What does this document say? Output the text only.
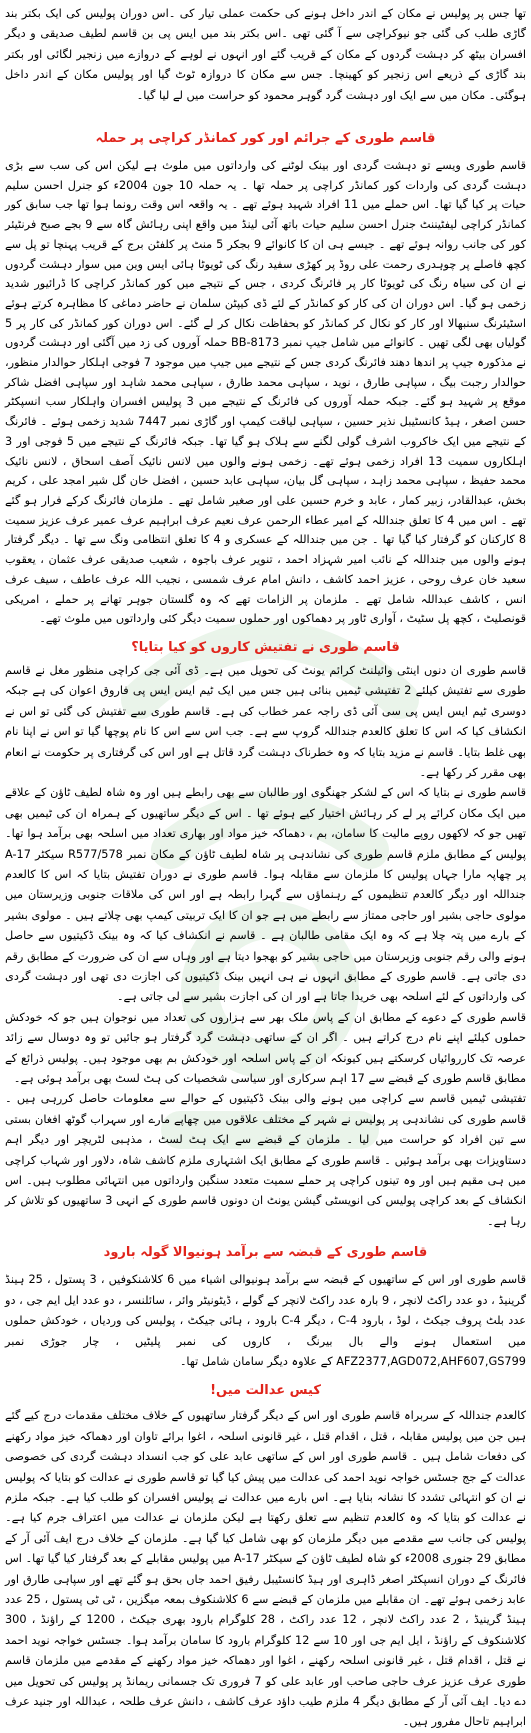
تھا جس پر پولیس نے مکان کے اندر داخل ہونے کی حکمت عملی تیار کی ۔اس دوران پولیس کی ایک بکتر بند گاڑی طلب کی گئی جو نیوکراچی سے آ گئی تھی ۔اس بکتر بند میں ایس پی بن قاسم لطیف صدیقی و دیگر افسران بیٹھ کر دہشت گردوں کے مکان کے قریب گئے اور انہوں نے لوہے کے دروازے میں زنجیر لگائی اور بکتر بند گاڑی کے ذریعے اس زنجیر کو کھینچا۔ جس سے مکان کا دروازہ ٹوٹ گیا اور پولیس مکان کے اندر داخل ہوگئی۔ مکان میں سے ایک اور دہشت گرد گوہر محمود کو حراست میں لے لیا گیا۔

قاسم طوری کے جرائم اور کور کمانڈر کراچی پر حملہ

قاسم طوری ویسے تو دہشت گردی اور بینک لوٹنے کی وارداتوں میں ملوث ہے لیکن اس کی سب سے بڑی دہشت گردی کی واردات کور کمانڈر کراچی پر حملہ تھا ۔ یہ حملہ 10 جون 2004ء کو جنرل احسن سلیم حیات پر کیا گیا تھا۔ اس حملے میں 11 افراد شہید ہوئے تھے ۔ یہ واقعہ اس وقت رونما ہوا تھا جب سابق کور کمانڈر کراچی لیفٹیننٹ جنرل احسن سلیم حیات باتھ آئی لینڈ میں واقع اپنی رہائش گاہ سے 9 بجے صبح فرنٹیئر کور کی جانب روانہ ہوئے تھے ۔ جیسے ہی ان کا کانوائے 9 بجکر 5 منٹ پر کلفٹن برج کے قریب پہنچا تو پل سے کچھ فاصلے پر چوہدری رحمت علی روڈ پر کھڑی سفید رنگ کی ٹویوٹا ہائی ایس وین میں سوار دہشت گردوں نے ان کی سیاہ رنگ کی ٹویوٹا کار پر فائرنگ کردی ، جس کے نتیجے میں کور کمانڈر کراچی کا ڈرائیور شدید زخمی ہو گیا۔ اس دوران ان کی کار کو کمانڈر کے لئے ڈی کیپٹن سلمان نے حاضر دماغی کا مظاہرہ کرتے ہوئے اسٹیئرنگ سنبھالا اور کار کو نکال کر کمانڈر کو بحفاظت نکال کر لے گئے۔ اس دوران کور کمانڈر کی کار پر 5 گولیاں بھی لگی تھیں ۔ کانوائے میں شامل جیپ نمبر BB-8173 حملہ آوروں کی زد میں آگئی اور دہشت گردوں نے مذکورہ جیپ پر اندھا دھند فائرنگ کردی جس کے نتیجے میں جیپ میں موجود 7 فوجی اہلکار حوالدار منظور، حوالدار رجبت بیگ ، سپاہی طارق ، نوید ، سپاہی محمد طارق ، سپاہی محمد شاہد اور سپاہی افضل شاکر موقع پر شہید ہو گئے۔ جبکہ حملہ آوروں کی فائرنگ کے نتیجے میں 3 پولیس افسران واہلکار سب انسپکٹر حسن اصغر ، ہیڈ کانسٹیبل نذیر حسین ، سپاہی لیاقت کیمپ اور گاڑی نمبر 7447 شدید زخمی ہوئے ۔ فائرنگ کے نتیجے میں ایک خاکروب اشرف گولی لگنے سے ہلاک ہو گیا تھا۔ جبکہ فائرنگ کے نتیجے میں 5 فوجی اور 3 اہلکاروں سمیت 13 افراد زخمی ہوئے تھے۔ زخمی ہونے والوں میں لانس نائیک آصف اسحاق ، لانس نائیک محمد حفیظ ، سپاہی محمد زاہد ، سپاہی گل بیان، سپاہی عابد حسین ، افضل خان گل شیر امجد علی ، کریم بخش، عبدالقادر، زبیر کمار ، عابد و خرم حسین علی اور صغیر شامل تھے ۔ ملزمان فائرنگ کرکے فرار ہو گئے تھے ۔ اس میں 4 کا تعلق جنداللہ کے امیر عطاء الرحمن عرف نعیم عرف ابراہیم عرف عمیر عرف عزیز سمیت 8 کارکنان کو گرفتار کیا گیا تھا ۔ جن میں جنداللہ کے عسکری و 4 کا تعلق انتظامی ونگ سے تھا ۔ دیگر گرفتار ہونے والوں میں جنداللہ کے نائب امیر شہزاد احمد ، تنویر عرف باجوہ ، شعیب صدیقی عرف عثمان ، یعقوب سعید خان عرف روحی ، عزیز احمد کاشف ، دانش امام عرف شمسی ، نجیب اللہ عرف عاطف ، سیف عرف انس ، کاشف عبداللہ شامل تھے ۔ ملزمان پر الزامات تھے کہ وہ گلستان جوہر تھانے پر حملے ، امریکی قونصلیٹ ، کچھ پل سٹیٹ ، آواری ٹاور پر دھماکوں اور حملوں سمیت دیگر کئی وارداتوں میں ملوث تھے۔

قاسم طوری نے تفتیش کاروں کو کیا بتایا؟

قاسم طوری ان دنوں اینٹی وائیلنٹ کرائم یونٹ کی تحویل میں ہے۔ ڈی آئی جی کراچی منظور مغل نے قاسم طوری سے تفتیش کیلئے 2 تفتیشی ٹیمیں بنائی ہیں جس میں ایک ٹیم ایس ایس پی فاروق اعوان کی ہے جبکہ دوسری ٹیم ایس ایس پی سی آئی ڈی راجہ عمر خطاب کی ہے۔ قاسم طوری سے تفتیش کی گئی تو اس نے انکشاف کیا کہ اس کا تعلق کالعدم جنداللہ گروپ سے ہے۔ جب اس سے اس کا نام پوچھا گیا تو اس نے اپنا نام بھی غلط بتایا۔ قاسم نے مزید بتایا کہ وہ خطرناک دہشت گرد قاتل ہے اور اس کی گرفتاری پر حکومت نے انعام بھی مقرر کر رکھا ہے۔

قاسم طوری نے بتایا کہ اس کے لشکر جھنگوی اور طالبان سے بھی رابطے ہیں اور وہ شاہ لطیف ٹاؤن کے علاقے میں ایک مکان کرائے پر لے کر رہائش اختیار کیے ہوئے تھا ۔ اس کے دیگر ساتھیوں کے ہمراہ ان کی ٹیمیں بھی تھیں جو کہ لاکھوں روپے مالیت کا سامان، بم ، دھماکہ خیز مواد اور بھاری تعداد میں اسلحہ بھی برآمد ہوا تھا۔ پولیس کے مطابق ملزم قاسم طوری کی نشاندہی پر شاہ لطیف ٹاؤن کے مکان نمبر R577/578 سیکٹر A-17 پر چھاپہ مارا جہاں پولیس کا ملزمان سے مقابلہ ہوا۔ قاسم طوری نے دوران تفتیش بتایا کہ اس کا کالعدم جنداللہ اور دیگر کالعدم تنظیموں کے رہنماؤں سے گہرا رابطہ ہے اور اس کی ملاقات جنوبی وزیرستان میں مولوی حاجی بشیر اور حاجی ممتاز سے رابطے میں ہے جو ان کا ایک تربیتی کیمپ بھی چلاتے ہیں ۔ مولوی بشیر کے بارے میں پتہ چلا ہے کہ وہ ایک مقامی طالبان ہے ۔ قاسم نے انکشاف کیا کہ وہ بینک ڈکیتیوں سے حاصل ہونے والی رقم جنوبی وزیرستان میں حاجی بشیر کو بھجوا دیتا ہے اور وہاں سے ان کی ضرورت کے مطابق رقم دی جاتی ہے۔ قاسم طوری کے مطابق انہوں نے ہی انہیں بینک ڈکیتیوں کی اجازت دی تھی اور دہشت گردی کی وارداتوں کے لئے اسلحہ بھی خریدا جاتا ہے اور ان کی اجازت بشیر سے لی جاتی ہے۔

قاسم طوری کے دعوے کے مطابق ان کے پاس ملک بھر سے ہزاروں کی تعداد میں نوجوان ہیں جو کہ خودکش حملوں کیلئے اپنے نام درج کراتے ہیں ۔ اگر ان کے ساتھی دہشت گرد گرفتار ہو جائیں تو وہ دوسال سے زائد عرصہ تک کارروائیاں کرسکتے ہیں کیونکہ ان کے پاس اسلحہ اور خودکش بم بھی موجود ہیں۔ پولیس ذرائع کے مطابق قاسم طوری کے قبضے سے 17 اہم سرکاری اور سیاسی شخصیات کی ہٹ لسٹ بھی برآمد ہوئی ہے۔

تفتیشی ٹیمیں قاسم سے کراچی میں ہونے والی بینک ڈکیتیوں کے حوالے سے معلومات حاصل کررہی ہیں ۔ قاسم طوری کی نشاندہی پر پولیس نے شہر کے مختلف علاقوں میں چھاپے مارے اور سہراب گوٹھ افغان بستی سے تین افراد کو حراست میں لیا ۔ ملزمان کے قبضے سے ایک ہٹ لسٹ ، مذہبی لٹریچر اور دیگر اہم دستاویزات بھی برآمد ہوئیں ۔ قاسم طوری کے مطابق ایک اشتہاری ملزم کاشف شاہ، دلاور اور شہاب کراچی میں ہی مقیم ہیں اور وہ تینوں کراچی پر حملے سمیت متعدد سنگین وارداتوں میں انتہائی مطلوب ہیں۔ اس انکشاف کے بعد کراچی پولیس کی انویسٹی گیشن یونٹ ان دونوں قاسم طوری کے انہی 3 ساتھیوں کو تلاش کر رہا ہے۔

قاسم طوری کے قبضہ سے برآمد ہونیوالا گولہ بارود

قاسم طوری اور اس کے ساتھیوں کے قبضہ سے برآمد ہونیوالی اشیاء میں 6 کلاشنکوفیں ، 3 پستول ، 25 ہینڈ گرینیڈ ، دو عدد راکٹ لانچر ، 9 بارہ عدد راکٹ لانچر کے گولے ، ڈیٹونیٹر وائر ، سائلنسر ، دو عدد ایل ایم جی ، دو عدد بلٹ پروف جیکٹ ، لوڈ ، بارود C-4 ، دیگر 4-C بارود ، ہائی جیکٹ ، پولیس کی وردیاں ، خودکش حملوں میں استعمال ہونے والے بال بیرنگ ، کاروں کی نمبر پلیٹیں ، چار جوڑی نمبر AFZ2377,AGD072,AHF607,GS799 کے علاوہ دیگر سامان شامل تھا۔

کیس عدالت میں!

کالعدم جنداللہ کے سربراہ قاسم طوری اور اس کے دیگر گرفتار ساتھیوں کے خلاف مختلف مقدمات درج کیے گئے ہیں جن میں پولیس مقابلہ ، قتل ، اقدام قتل ، غیر قانونی اسلحہ ، اغوا برائے تاوان اور دھماکہ خیز مواد رکھنے کی دفعات شامل ہیں ۔ قاسم طوری اور اس کے ساتھی عابد علی کو جب انسداد دہشت گردی کی خصوصی عدالت کے جج جسٹس خواجہ نوید احمد کی عدالت میں پیش کیا گیا تو قاسم طوری نے عدالت کو بتایا کہ پولیس نے ان کو انتہائی تشدد کا نشانہ بنایا ہے۔ اس بارے میں عدالت نے پولیس افسران کو طلب کیا ہے۔ جبکہ ملزم نے عدالت کو بتایا کہ وہ کالعدم تنظیم سے تعلق رکھتا ہے لیکن ملزمان نے عدالت میں اعتراف جرم کیا ہے۔ پولیس کی جانب سے مقدمے میں دیگر ملزمان کو بھی شامل کیا گیا ہے۔ ملزمان کے خلاف درج ایف آئی آر کے مطابق 29 جنوری 2008ء کو شاہ لطیف ٹاؤن کے سیکٹر A-17 میں پولیس مقابلے کے بعد گرفتار کیا گیا تھا۔ اس فائرنگ کے دوران انسپکٹر اصغر ڈاہری اور ہیڈ کانسٹیبل رفیق احمد جاں بحق ہو گئے تھے اور سپاہی طارق اور عابد زخمی ہوئے تھے۔ ان مقابلے میں ملزمان کے قبضے سے 6 کلاشنکوف بمعہ میگزین ، ٹی ٹی پستول ، 25 عدد ہینڈ گرینیڈ ، 2 عدد راکٹ لانچر ، 12 عدد راکٹ ، 28 کلوگرام بارود بھری جیکٹ ، 1200 کے راؤنڈ ، 300 کلاشنکوف کے راؤنڈ ، ایل ایم جی اور 10 سے 12 کلوگرام بارود کا سامان برآمد ہوا۔ جسٹس خواجہ نوید احمد نے قتل ، اقدام قتل ، غیر قانونی اسلحہ رکھنے ، اغوا اور دھماکہ خیز مواد رکھنے کے مقدمے میں ملزمان قاسم طوری عرف عزیز عرف حاجی صاحب اور عابد علی کو 7 فروری تک جسمانی ریمانڈ پر پولیس کی تحویل میں دے دیا۔ ایف آئی آر کے مطابق دیگر 4 ملزم طیب داؤد عرف کاشف ، دانش عرف طلحہ ، عبداللہ اور جنید عرف ابراہیم تاحال مفرور ہیں۔
